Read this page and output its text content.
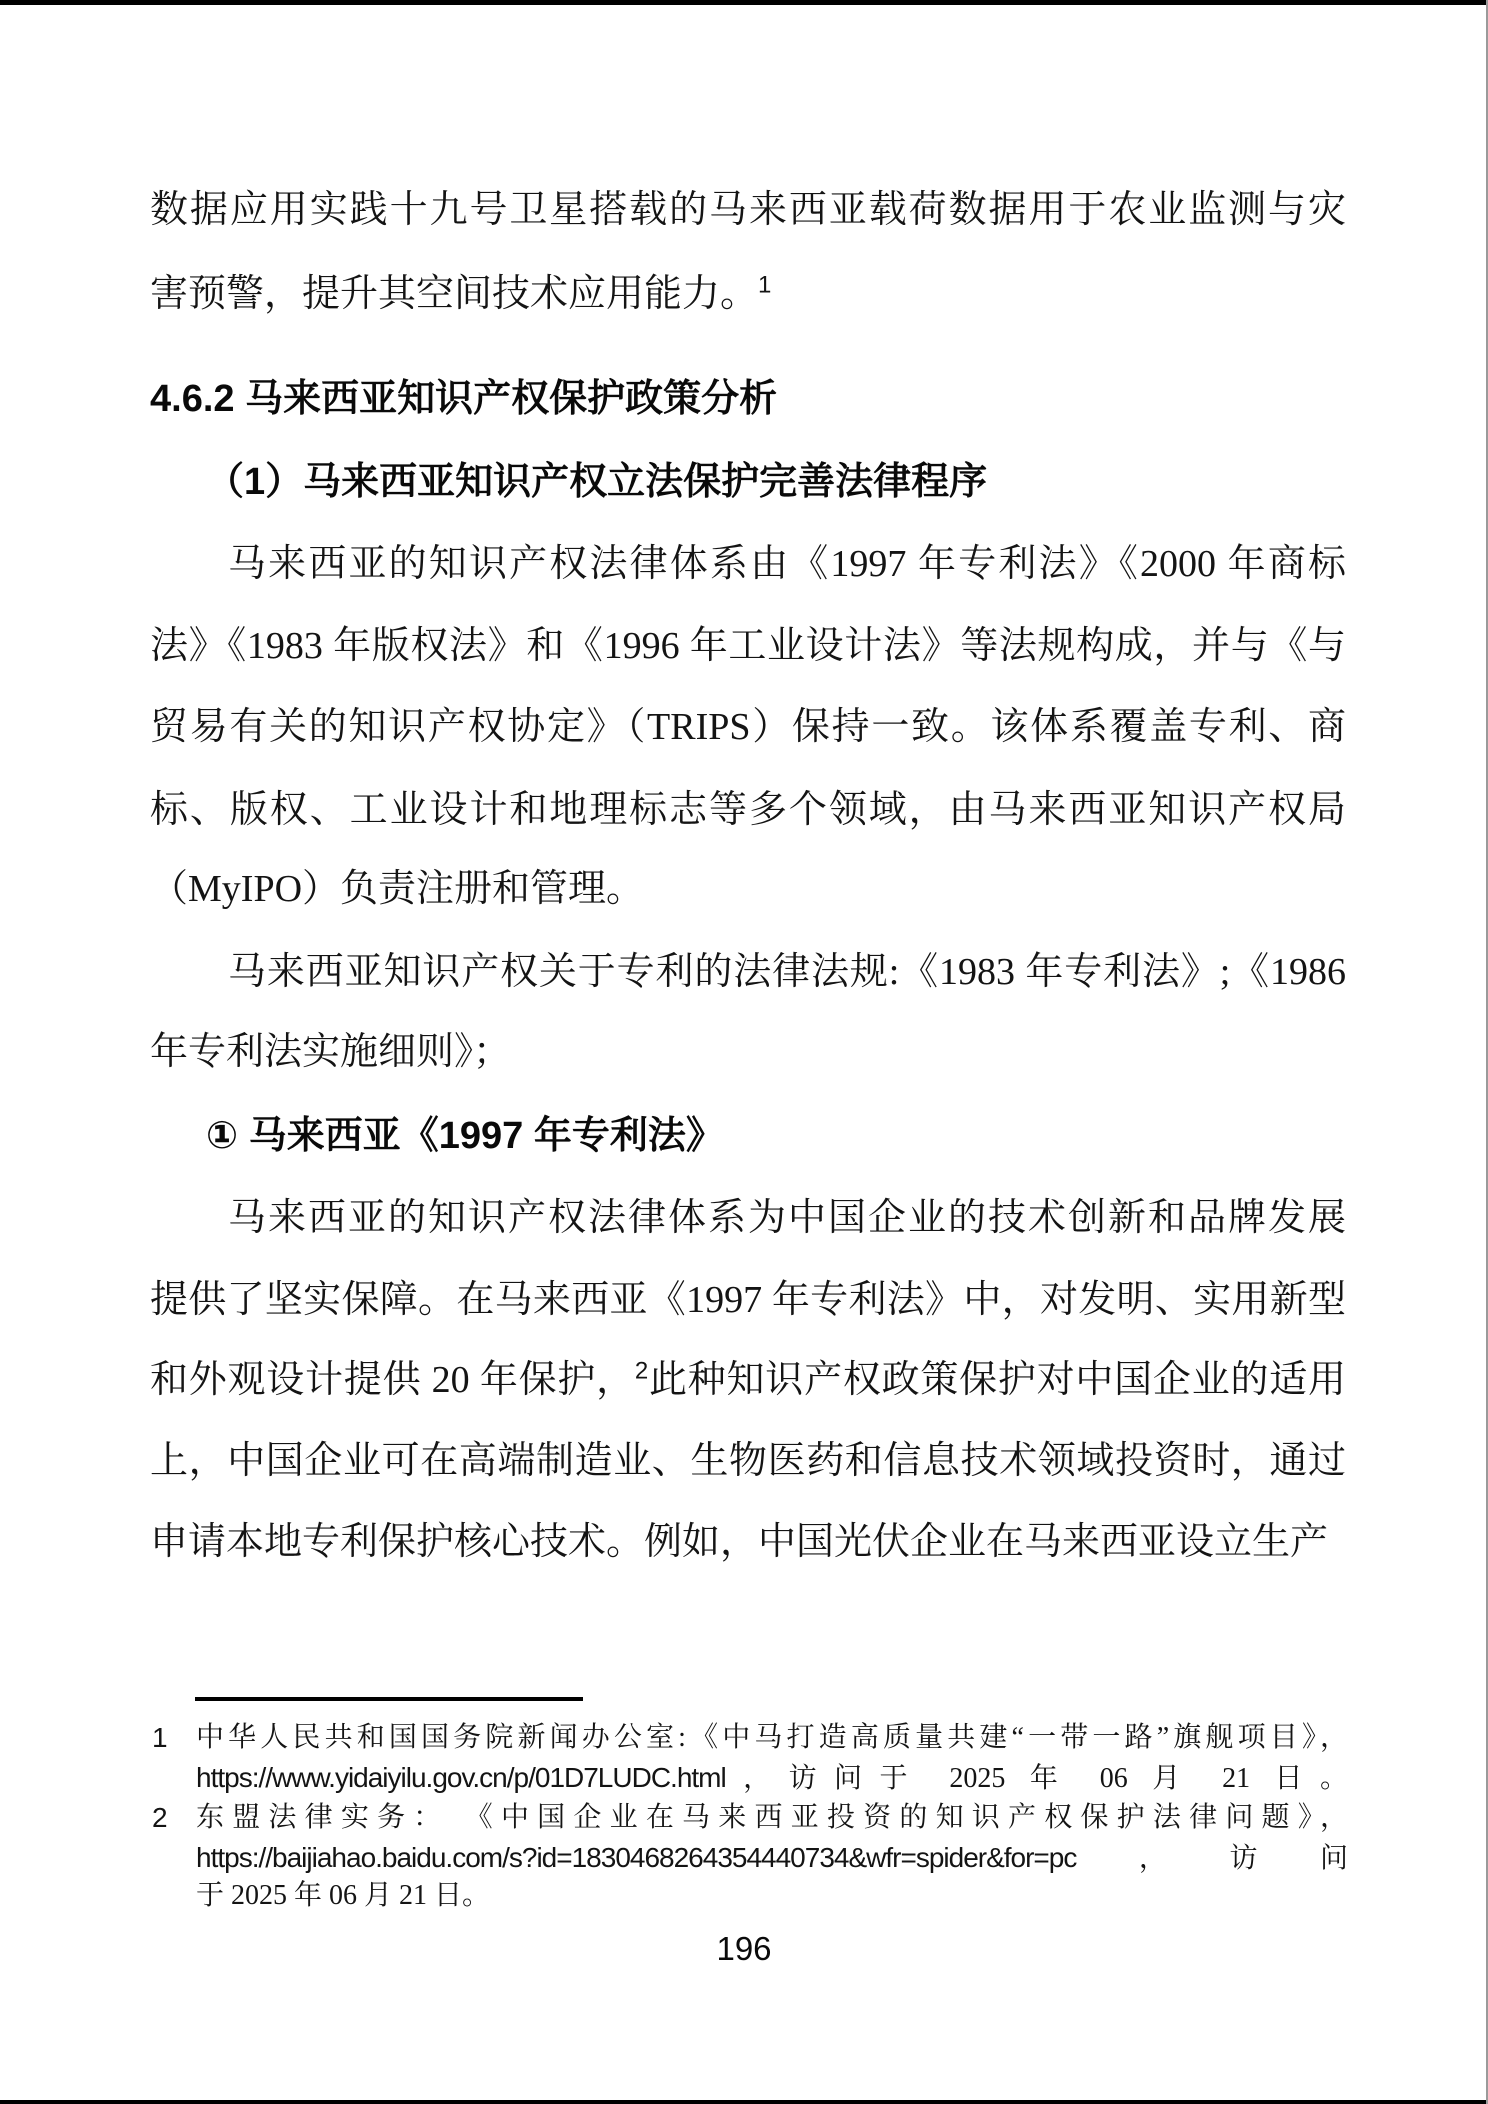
数据应用实践十九号卫星搭载的马来西亚载荷数据用于农业监测与灾
害预警，提升其空间技术应用能力。$^1$
4.6.2 马来西亚知识产权保护政策分析
（1）马来西亚知识产权立法保护完善法律程序
马来西亚的知识产权法律体系由《1997 年专利法》《2000 年商标
法》《1983 年版权法》和《1996 年工业设计法》等法规构成，并与《与
贸易有关的知识产权协定》（TRIPS）保持一致。该体系覆盖专利、商
标、版权、工业设计和地理标志等多个领域，由马来西亚知识产权局
（MyIPO）负责注册和管理。
马来西亚知识产权关于专利的法律法规:《1983 年专利法》;《1986
年专利法实施细则》；
① 马来西亚《1997 年专利法》
马来西亚的知识产权法律体系为中国企业的技术创新和品牌发展
提供了坚实保障。在马来西亚《1997 年专利法》中，对发明、实用新型
和外观设计提供 20 年保护，$^2$此种知识产权政策保护对中国企业的适用
上，中国企业可在高端制造业、生物医药和信息技术领域投资时，通过
申请本地专利保护核心技术。例如，中国光伏企业在马来西亚设立生产
1 中华人民共和国国务院新闻办公室:《中马打造高质量共建“一带一路”旗舰项目》，
https://www.yidaiyilu.gov.cn/p/01D7LUDC.html，访问于 2025 年 06 月 21 日。
2 东盟法律实务： 《中国企业在马来西亚投资的知识产权保护法律问题》，
https://baijiahao.baidu.com/s?id=1830468264354440734&wfr=spider&for=pc，访问
于 2025 年 06 月 21 日。
196
